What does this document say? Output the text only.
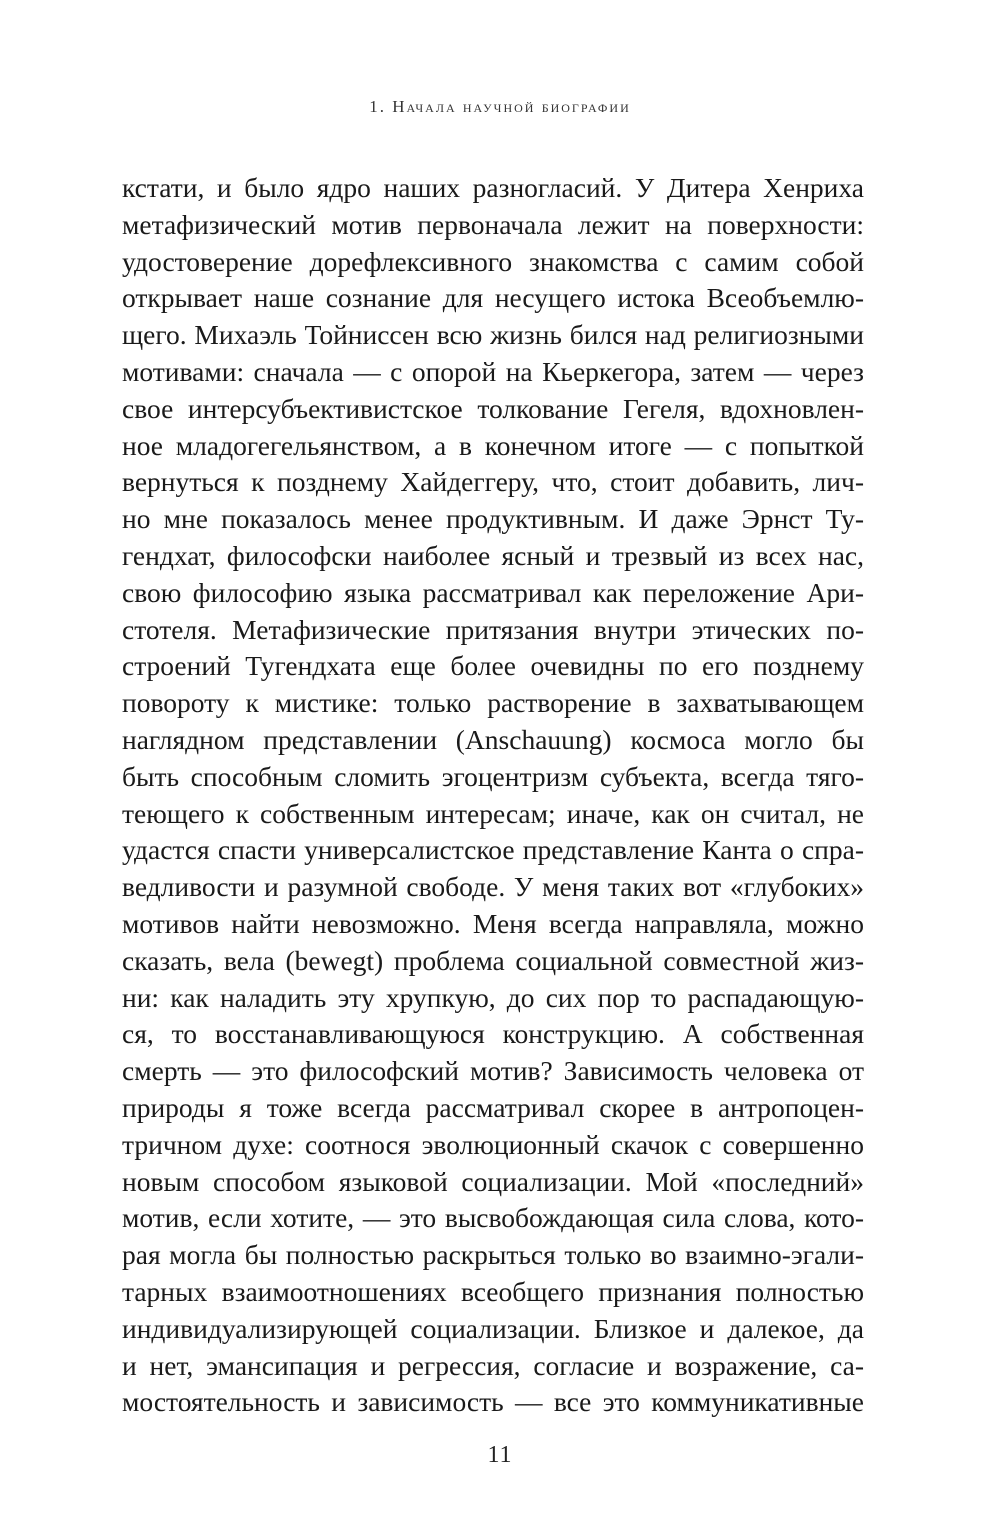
1. Начала научной биографии
кстати, и было ядро наших разногласий. У Дитера Хенриха
метафизический мотив первоначала лежит на поверхности:
удостоверение дорефлексивного знакомства с самим собой
открывает наше сознание для несущего истока Всеобъемлю-
щего. Михаэль Тойниссен всю жизнь бился над религиозными
мотивами: сначала — с опорой на Кьеркегора, затем — через
свое интерсубъективистское толкование Гегеля, вдохновлен-
ное младогегельянством, а в конечном итоге — с попыткой
вернуться к позднему Хайдеггеру, что, стоит добавить, лич-
но мне показалось менее продуктивным. И даже Эрнст Ту-
гендхат, философски наиболее ясный и трезвый из всех нас,
свою философию языка рассматривал как переложение Ари-
стотеля. Метафизические притязания внутри этических по-
строений Тугендхата еще более очевидны по его позднему
повороту к мистике: только растворение в захватывающем
наглядном представлении (Anschauung) космоса могло бы
быть способным сломить эгоцентризм субъекта, всегда тяго-
теющего к собственным интересам; иначе, как он считал, не
удастся спасти универсалистское представление Канта о спра-
ведливости и разумной свободе. У меня таких вот «глубоких»
мотивов найти невозможно. Меня всегда направляла, можно
сказать, вела (bewegt) проблема социальной совместной жиз-
ни: как наладить эту хрупкую, до сих пор то распадающую-
ся, то восстанавливающуюся конструкцию. А собственная
смерть — это философский мотив? Зависимость человека от
природы я тоже всегда рассматривал скорее в антропоцен-
тричном духе: соотнося эволюционный скачок с совершенно
новым способом языковой социализации. Мой «последний»
мотив, если хотите, — это высвобождающая сила слова, кото-
рая могла бы полностью раскрыться только во взаимно-эгали-
тарных взаимоотношениях всеобщего признания полностью
индивидуализирующей социализации. Близкое и далекое, да
и нет, эмансипация и регрессия, согласие и возражение, са-
мостоятельность и зависимость — все это коммуникативные
11
